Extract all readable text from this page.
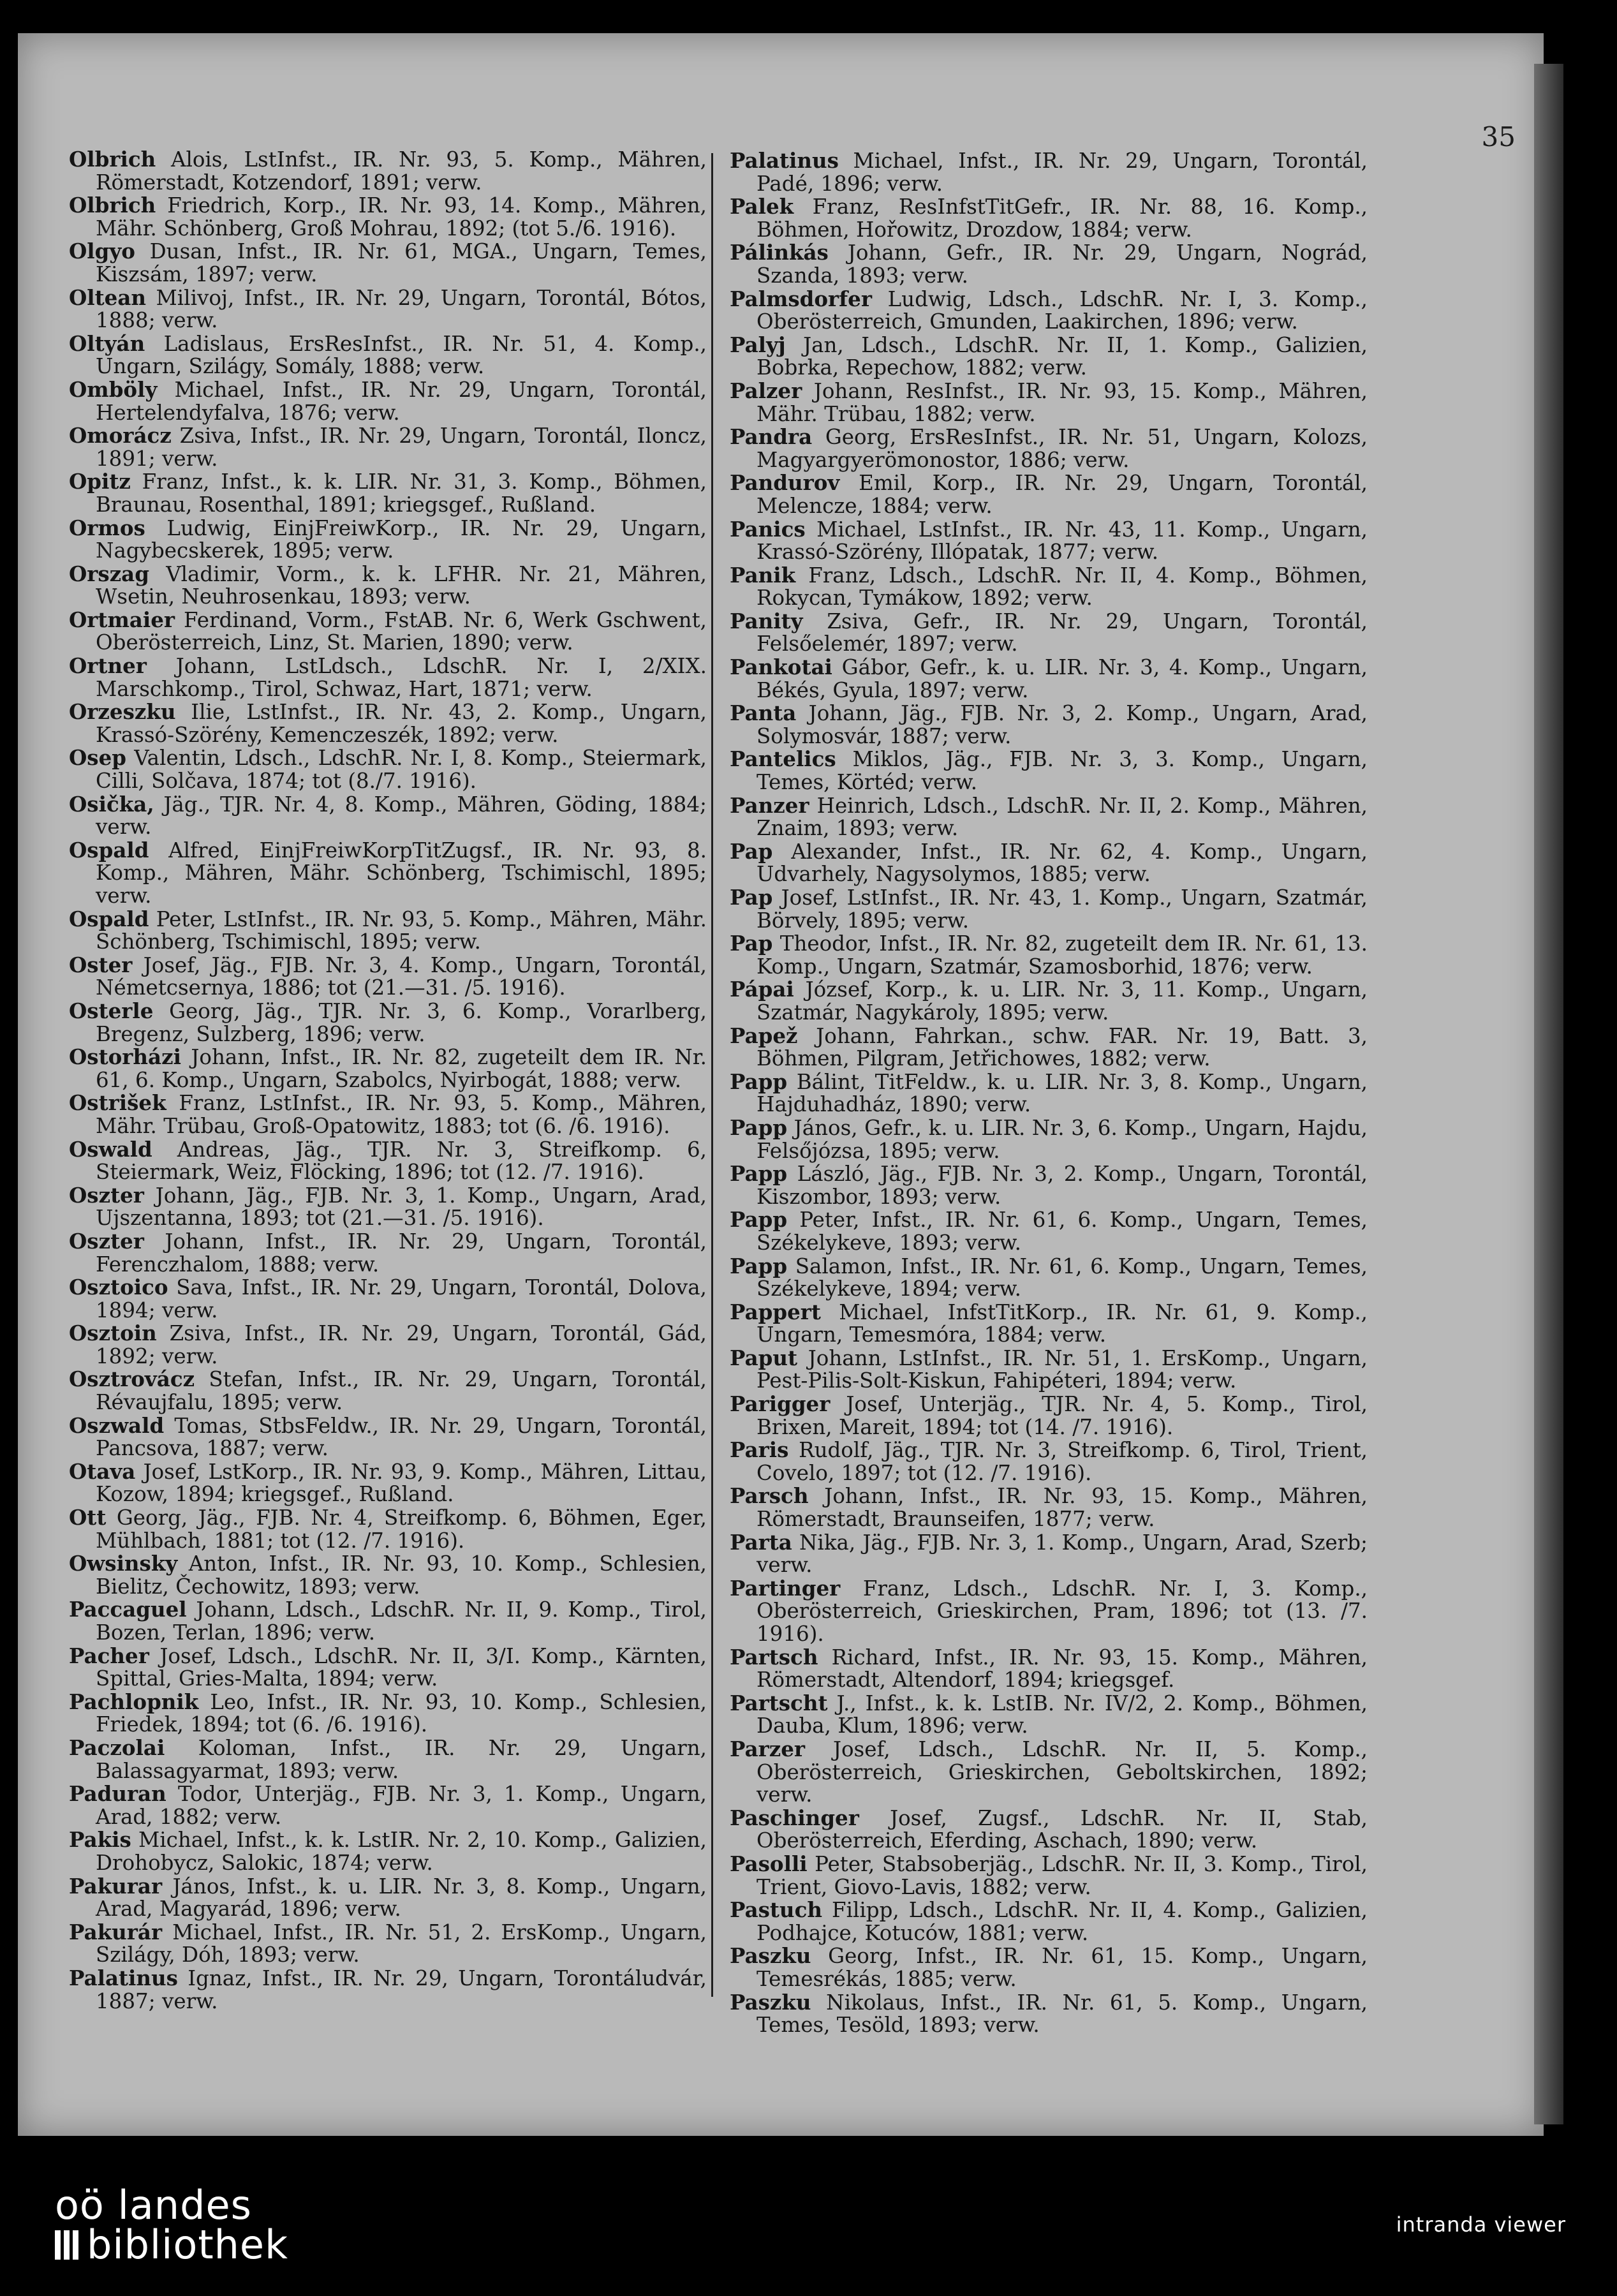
35
Olbrich Alois, LstInfst., IR. Nr. 93, 5. Komp., Mähren, Römerstadt, Kotzendorf, 1891; verw.
Olbrich Friedrich, Korp., IR. Nr. 93, 14. Komp., Mähren, Mähr. Schönberg, Groß Mohrau, 1892; (tot 5./6. 1916).
Olgyo Dusan, Infst., IR. Nr. 61, MGA., Ungarn, Temes, Kiszsám, 1897; verw.
Oltean Milivoj, Infst., IR. Nr. 29, Ungarn, Torontál, Bótos, 1888; verw.
Oltyán Ladislaus, ErsResInfst., IR. Nr. 51, 4. Komp., Ungarn, Szilágy, Somály, 1888; verw.
Omböly Michael, Infst., IR. Nr. 29, Ungarn, Torontál, Hertelendyfalva, 1876; verw.
Omorácz Zsiva, Infst., IR. Nr. 29, Ungarn, Torontál, Iloncz, 1891; verw.
Opitz Franz, Infst., k. k. LIR. Nr. 31, 3. Komp., Böhmen, Braunau, Rosenthal, 1891; kriegsgef., Rußland.
Ormos Ludwig, EinjFreiwKorp., IR. Nr. 29, Ungarn, Nagybecskerek, 1895; verw.
Orszag Vladimir, Vorm., k. k. LFHR. Nr. 21, Mähren, Wsetin, Neuhrosenkau, 1893; verw.
Ortmaier Ferdinand, Vorm., FstAB. Nr. 6, Werk Gschwent, Oberösterreich, Linz, St. Marien, 1890; verw.
Ortner Johann, LstLdsch., LdschR. Nr. I, 2/XIX. Marschkomp., Tirol, Schwaz, Hart, 1871; verw.
Orzeszku Ilie, LstInfst., IR. Nr. 43, 2. Komp., Ungarn, Krassó-Szörény, Kemenczeszék, 1892; verw.
Osep Valentin, Ldsch., LdschR. Nr. I, 8. Komp., Steiermark, Cilli, Solčava, 1874; tot (8./7. 1916).
Osička, Jäg., TJR. Nr. 4, 8. Komp., Mähren, Göding, 1884; verw.
Ospald Alfred, EinjFreiwKorpTitZugsf., IR. Nr. 93, 8. Komp., Mähren, Mähr. Schönberg, Tschimischl, 1895; verw.
Ospald Peter, LstInfst., IR. Nr. 93, 5. Komp., Mähren, Mähr. Schönberg, Tschimischl, 1895; verw.
Oster Josef, Jäg., FJB. Nr. 3, 4. Komp., Ungarn, Torontál, Németcsernya, 1886; tot (21.—31. /5. 1916).
Osterle Georg, Jäg., TJR. Nr. 3, 6. Komp., Vorarlberg, Bregenz, Sulzberg, 1896; verw.
Ostorházi Johann, Infst., IR. Nr. 82, zugeteilt dem IR. Nr. 61, 6. Komp., Ungarn, Szabolcs, Nyirbogát, 1888; verw.
Ostrišek Franz, LstInfst., IR. Nr. 93, 5. Komp., Mähren, Mähr. Trübau, Groß-Opatowitz, 1883; tot (6. /6. 1916).
Oswald Andreas, Jäg., TJR. Nr. 3, Streifkomp. 6, Steiermark, Weiz, Flöcking, 1896; tot (12. /7. 1916).
Oszter Johann, Jäg., FJB. Nr. 3, 1. Komp., Ungarn, Arad, Ujszentanna, 1893; tot (21.—31. /5. 1916).
Oszter Johann, Infst., IR. Nr. 29, Ungarn, Torontál, Ferenczhalom, 1888; verw.
Osztoico Sava, Infst., IR. Nr. 29, Ungarn, Torontál, Dolova, 1894; verw.
Osztoin Zsiva, Infst., IR. Nr. 29, Ungarn, Torontál, Gád, 1892; verw.
Osztrovácz Stefan, Infst., IR. Nr. 29, Ungarn, Torontál, Révaujfalu, 1895; verw.
Oszwald Tomas, StbsFeldw., IR. Nr. 29, Ungarn, Torontál, Pancsova, 1887; verw.
Otava Josef, LstKorp., IR. Nr. 93, 9. Komp., Mähren, Littau, Kozow, 1894; kriegsgef., Rußland.
Ott Georg, Jäg., FJB. Nr. 4, Streifkomp. 6, Böhmen, Eger, Mühlbach, 1881; tot (12. /7. 1916).
Owsinsky Anton, Infst., IR. Nr. 93, 10. Komp., Schlesien, Bielitz, Čechowitz, 1893; verw.
Paccaguel Johann, Ldsch., LdschR. Nr. II, 9. Komp., Tirol, Bozen, Terlan, 1896; verw.
Pacher Josef, Ldsch., LdschR. Nr. II, 3/I. Komp., Kärnten, Spittal, Gries-Malta, 1894; verw.
Pachlopnik Leo, Infst., IR. Nr. 93, 10. Komp., Schlesien, Friedek, 1894; tot (6. /6. 1916).
Paczolai Koloman, Infst., IR. Nr. 29, Ungarn, Balassagyarmat, 1893; verw.
Paduran Todor, Unterjäg., FJB. Nr. 3, 1. Komp., Ungarn, Arad, 1882; verw.
Pakis Michael, Infst., k. k. LstIR. Nr. 2, 10. Komp., Galizien, Drohobycz, Salokic, 1874; verw.
Pakurar János, Infst., k. u. LIR. Nr. 3, 8. Komp., Ungarn, Arad, Magyarád, 1896; verw.
Pakurár Michael, Infst., IR. Nr. 51, 2. ErsKomp., Ungarn, Szilágy, Dóh, 1893; verw.
Palatinus Ignaz, Infst., IR. Nr. 29, Ungarn, Torontáludvár, 1887; verw.
Palatinus Michael, Infst., IR. Nr. 29, Ungarn, Torontál, Padé, 1896; verw.
Palek Franz, ResInfstTitGefr., IR. Nr. 88, 16. Komp., Böhmen, Hořowitz, Drozdow, 1884; verw.
Pálinkás Johann, Gefr., IR. Nr. 29, Ungarn, Nográd, Szanda, 1893; verw.
Palmsdorfer Ludwig, Ldsch., LdschR. Nr. I, 3. Komp., Oberösterreich, Gmunden, Laakirchen, 1896; verw.
Palyj Jan, Ldsch., LdschR. Nr. II, 1. Komp., Galizien, Bobrka, Repechow, 1882; verw.
Palzer Johann, ResInfst., IR. Nr. 93, 15. Komp., Mähren, Mähr. Trübau, 1882; verw.
Pandra Georg, ErsResInfst., IR. Nr. 51, Ungarn, Kolozs, Magyargyerömonostor, 1886; verw.
Pandurov Emil, Korp., IR. Nr. 29, Ungarn, Torontál, Melencze, 1884; verw.
Panics Michael, LstInfst., IR. Nr. 43, 11. Komp., Ungarn, Krassó-Szörény, Illópatak, 1877; verw.
Panik Franz, Ldsch., LdschR. Nr. II, 4. Komp., Böhmen, Rokycan, Tymákow, 1892; verw.
Panity Zsiva, Gefr., IR. Nr. 29, Ungarn, Torontál, Felsőelemér, 1897; verw.
Pankotai Gábor, Gefr., k. u. LIR. Nr. 3, 4. Komp., Ungarn, Békés, Gyula, 1897; verw.
Panta Johann, Jäg., FJB. Nr. 3, 2. Komp., Ungarn, Arad, Solymosvár, 1887; verw.
Pantelics Miklos, Jäg., FJB. Nr. 3, 3. Komp., Ungarn, Temes, Körtéd; verw.
Panzer Heinrich, Ldsch., LdschR. Nr. II, 2. Komp., Mähren, Znaim, 1893; verw.
Pap Alexander, Infst., IR. Nr. 62, 4. Komp., Ungarn, Udvarhely, Nagysolymos, 1885; verw.
Pap Josef, LstInfst., IR. Nr. 43, 1. Komp., Ungarn, Szatmár, Börvely, 1895; verw.
Pap Theodor, Infst., IR. Nr. 82, zugeteilt dem IR. Nr. 61, 13. Komp., Ungarn, Szatmár, Szamosborhid, 1876; verw.
Pápai József, Korp., k. u. LIR. Nr. 3, 11. Komp., Ungarn, Szatmár, Nagykároly, 1895; verw.
Papež Johann, Fahrkan., schw. FAR. Nr. 19, Batt. 3, Böhmen, Pilgram, Jetřichowes, 1882; verw.
Papp Bálint, TitFeldw., k. u. LIR. Nr. 3, 8. Komp., Ungarn, Hajduhadház, 1890; verw.
Papp János, Gefr., k. u. LIR. Nr. 3, 6. Komp., Ungarn, Hajdu, Felsőjózsa, 1895; verw.
Papp László, Jäg., FJB. Nr. 3, 2. Komp., Ungarn, Torontál, Kiszombor, 1893; verw.
Papp Peter, Infst., IR. Nr. 61, 6. Komp., Ungarn, Temes, Székelykeve, 1893; verw.
Papp Salamon, Infst., IR. Nr. 61, 6. Komp., Ungarn, Temes, Székelykeve, 1894; verw.
Pappert Michael, InfstTitKorp., IR. Nr. 61, 9. Komp., Ungarn, Temesmóra, 1884; verw.
Paput Johann, LstInfst., IR. Nr. 51, 1. ErsKomp., Ungarn, Pest-Pilis-Solt-Kiskun, Fahipéteri, 1894; verw.
Parigger Josef, Unterjäg., TJR. Nr. 4, 5. Komp., Tirol, Brixen, Mareit, 1894; tot (14. /7. 1916).
Paris Rudolf, Jäg., TJR. Nr. 3, Streifkomp. 6, Tirol, Trient, Covelo, 1897; tot (12. /7. 1916).
Parsch Johann, Infst., IR. Nr. 93, 15. Komp., Mähren, Römerstadt, Braunseifen, 1877; verw.
Parta Nika, Jäg., FJB. Nr. 3, 1. Komp., Ungarn, Arad, Szerb; verw.
Partinger Franz, Ldsch., LdschR. Nr. I, 3. Komp., Oberösterreich, Grieskirchen, Pram, 1896; tot (13. /7. 1916).
Partsch Richard, Infst., IR. Nr. 93, 15. Komp., Mähren, Römerstadt, Altendorf, 1894; kriegsgef.
Partscht J., Infst., k. k. LstIB. Nr. IV/2, 2. Komp., Böhmen, Dauba, Klum, 1896; verw.
Parzer Josef, Ldsch., LdschR. Nr. II, 5. Komp., Oberösterreich, Grieskirchen, Geboltskirchen, 1892; verw.
Paschinger Josef, Zugsf., LdschR. Nr. II, Stab, Oberösterreich, Eferding, Aschach, 1890; verw.
Pasolli Peter, Stabsoberjäg., LdschR. Nr. II, 3. Komp., Tirol, Trient, Giovo-Lavis, 1882; verw.
Pastuch Filipp, Ldsch., LdschR. Nr. II, 4. Komp., Galizien, Podhajce, Kotuców, 1881; verw.
Paszku Georg, Infst., IR. Nr. 61, 15. Komp., Ungarn, Temesrékás, 1885; verw.
Paszku Nikolaus, Infst., IR. Nr. 61, 5. Komp., Ungarn, Temes, Tesöld, 1893; verw.
oö landes
bibliothek	intranda viewer
